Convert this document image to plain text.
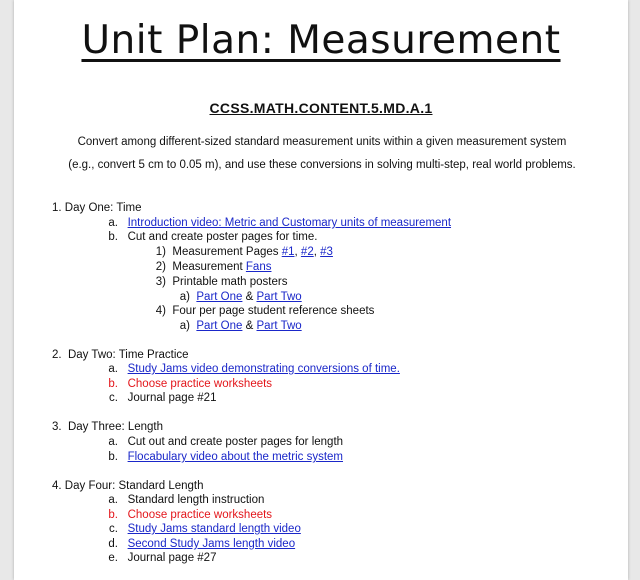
Unit Plan: Measurement
CCSS.MATH.CONTENT.5.MD.A.1
Convert among different-sized standard measurement units within a given measurement system (e.g., convert 5 cm to 0.05 m), and use these conversions in solving multi-step, real world problems.
1. Day One: Time
a. Introduction video: Metric and Customary units of measurement
b. Cut and create poster pages for time.
1) Measurement Pages #1, #2, #3
2) Measurement Fans
3) Printable math posters
a) Part One & Part Two
4) Four per page student reference sheets
a) Part One & Part Two
2. Day Two: Time Practice
a. Study Jams video demonstrating conversions of time.
b. Choose practice worksheets
c. Journal page #21
3. Day Three: Length
a. Cut out and create poster pages for length
b. Flocabulary video about the metric system
4. Day Four: Standard Length
a. Standard length instruction
b. Choose practice worksheets
c. Study Jams standard length video
d. Second Study Jams length video
e. Journal page #27
